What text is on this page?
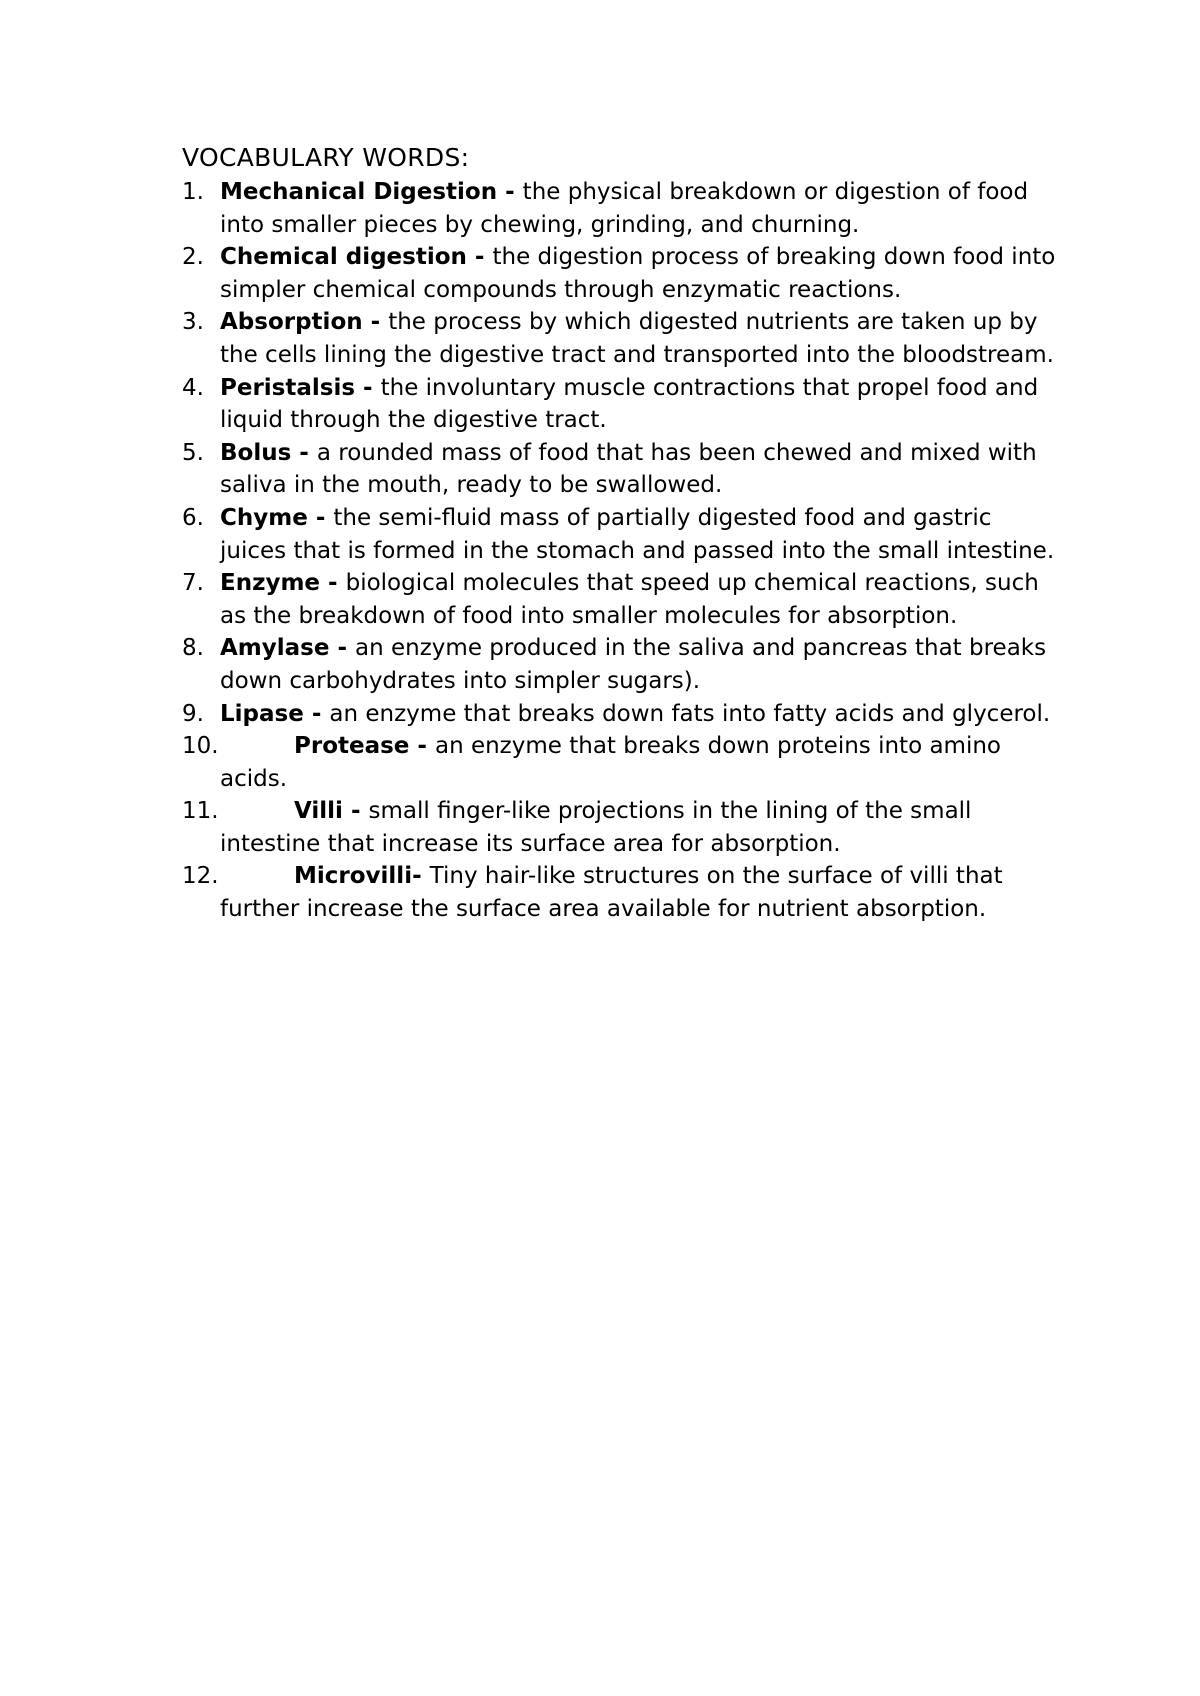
VOCABULARY WORDS:
1. Mechanical Digestion - the physical breakdown or digestion of food into smaller pieces by chewing, grinding, and churning.
2. Chemical digestion - the digestion process of breaking down food into simpler chemical compounds through enzymatic reactions.
3. Absorption - the process by which digested nutrients are taken up by the cells lining the digestive tract and transported into the bloodstream.
4. Peristalsis - the involuntary muscle contractions that propel food and liquid through the digestive tract.
5. Bolus - a rounded mass of food that has been chewed and mixed with saliva in the mouth, ready to be swallowed.
6. Chyme - the semi-fluid mass of partially digested food and gastric juices that is formed in the stomach and passed into the small intestine.
7. Enzyme - biological molecules that speed up chemical reactions, such as the breakdown of food into smaller molecules for absorption.
8. Amylase - an enzyme produced in the saliva and pancreas that breaks down carbohydrates into simpler sugars).
9. Lipase - an enzyme that breaks down fats into fatty acids and glycerol.
10.	Protease - an enzyme that breaks down proteins into amino acids.
11.	Villi - small finger-like projections in the lining of the small intestine that increase its surface area for absorption.
12.	Microvilli- Tiny hair-like structures on the surface of villi that further increase the surface area available for nutrient absorption.
